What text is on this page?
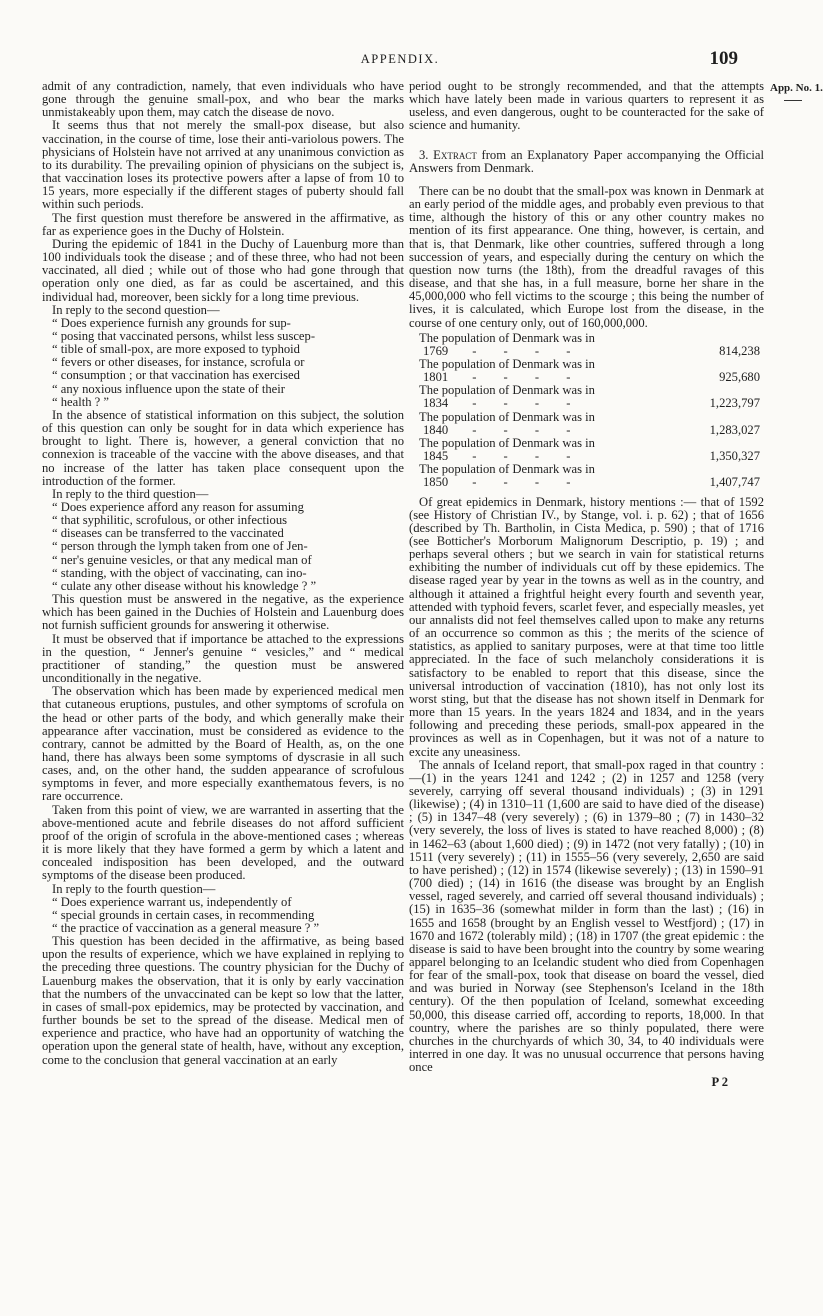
APPENDIX.	109
App. No. 1.

admit of any contradiction, namely, that even individuals who have gone through the genuine small-pox, and who bear the marks unmistakeably upon them, may catch the disease de novo.

It seems thus that not merely the small-pox disease, but also vaccination, in the course of time, lose their anti-variolous powers. The physicians of Holstein have not arrived at any unanimous conviction as to its durability. The prevailing opinion of physicians on the subject is, that vaccination loses its protective powers after a lapse of from 10 to 15 years, more especially if the different stages of puberty should fall within such periods.

The first question must therefore be answered in the affirmative, as far as experience goes in the Duchy of Holstein.

During the epidemic of 1841 in the Duchy of Lauenburg more than 100 individuals took the disease ; and of these three, who had not been vaccinated, all died ; while out of those who had gone through that operation only one died, as far as could be ascertained, and this individual had, moreover, been sickly for a long time previous.

In reply to the second question—

“ Does experience furnish any grounds for sup-
“ posing that vaccinated persons, whilst less suscep-
“ tible of small-pox, are more exposed to typhoid
“ fevers or other diseases, for instance, scrofula or
“ consumption ; or that vaccination has exercised
“ any noxious influence upon the state of their
“ health ? ”

In the absence of statistical information on this subject, the solution of this question can only be sought for in data which experience has brought to light. There is, however, a general conviction that no connexion is traceable of the vaccine with the above diseases, and that no increase of the latter has taken place consequent upon the introduction of the former.

In reply to the third question—

“ Does experience afford any reason for assuming
“ that syphilitic, scrofulous, or other infectious
“ diseases can be transferred to the vaccinated
“ person through the lymph taken from one of Jen-
“ ner's genuine vesicles, or that any medical man of
“ standing, with the object of vaccinating, can ino-
“ culate any other disease without his knowledge ? ”

This question must be answered in the negative, as the experience which has been gained in the Duchies of Holstein and Lauenburg does not furnish sufficient grounds for answering it otherwise.

It must be observed that if importance be attached to the expressions in the question, “ Jenner's genuine “ vesicles,” and “ medical practitioner of standing,” the question must be answered unconditionally in the negative.

The observation which has been made by experienced medical men that cutaneous eruptions, pustules, and other symptoms of scrofula on the head or other parts of the body, and which generally make their appearance after vaccination, must be considered as evidence to the contrary, cannot be admitted by the Board of Health, as, on the one hand, there has always been some symptoms of dyscrasie in all such cases, and, on the other hand, the sudden appearance of scrofulous symptoms in fever, and more especially exanthematous fevers, is no rare occurrence.

Taken from this point of view, we are warranted in asserting that the above-mentioned acute and febrile diseases do not afford sufficient proof of the origin of scrofula in the above-mentioned cases ; whereas it is more likely that they have formed a germ by which a latent and concealed indisposition has been developed, and the outward symptoms of the disease been produced.

In reply to the fourth question—

“ Does experience warrant us, independently of
“ special grounds in certain cases, in recommending
“ the practice of vaccination as a general measure ? ”

This question has been decided in the affirmative, as being based upon the results of experience, which we have explained in replying to the preceding three questions. The country physician for the Duchy of Lauenburg makes the observation, that it is only by early vaccination that the numbers of the unvaccinated can be kept so low that the latter, in cases of small-pox epidemics, may be protected by vaccination, and further bounds be set to the spread of the disease. Medical men of experience and practice, who have had an opportunity of watching the operation upon the general state of health, have, without any exception, come to the conclusion that general vaccination at an early

period ought to be strongly recommended, and that the attempts which have lately been made in various quarters to represent it as useless, and even dangerous, ought to be counteracted for the sake of science and humanity.

3. Extract from an Explanatory Paper accompanying the Official Answers from Denmark.

There can be no doubt that the small-pox was known in Denmark at an early period of the middle ages, and probably even previous to that time, although the history of this or any other country makes no mention of its first appearance. One thing, however, is certain, and that is, that Denmark, like other countries, suffered through a long succession of years, and especially during the century on which the question now turns (the 18th), from the dreadful ravages of this disease, and that she has, in a full measure, borne her share in the 45,000,000 who fell victims to the scourge ; this being the number of lives, it is calculated, which Europe lost from the disease, in the course of one century only, out of 160,000,000.

The population of Denmark was in	
1769 - - - -	814,238
The population of Denmark was in	
1801 - - - -	925,680
The population of Denmark was in	
1834 - - - -	1,223,797
The population of Denmark was in	
1840 - - - -	1,283,027
The population of Denmark was in	
1845 - - - -	1,350,327
The population of Denmark was in	
1850 - - - -	1,407,747

Of great epidemics in Denmark, history mentions :— that of 1592 (see History of Christian IV., by Stange, vol. i. p. 62) ; that of 1656 (described by Th. Bartholin, in Cista Medica, p. 590) ; that of 1716 (see Botticher's Morborum Malignorum Descriptio, p. 19) ; and perhaps several others ; but we search in vain for statistical returns exhibiting the number of individuals cut off by these epidemics. The disease raged year by year in the towns as well as in the country, and although it attained a frightful height every fourth and seventh year, attended with typhoid fevers, scarlet fever, and especially measles, yet our annalists did not feel themselves called upon to make any returns of an occurrence so common as this ; the merits of the science of statistics, as applied to sanitary purposes, were at that time too little appreciated. In the face of such melancholy considerations it is satisfactory to be enabled to report that this disease, since the universal introduction of vaccination (1810), has not only lost its worst sting, but that the disease has not shown itself in Denmark for more than 15 years. In the years 1824 and 1834, and in the years following and preceding these periods, small-pox appeared in the provinces as well as in Copenhagen, but it was not of a nature to excite any uneasiness.

The annals of Iceland report, that small-pox raged in that country :—(1) in the years 1241 and 1242 ; (2) in 1257 and 1258 (very severely, carrying off several thousand individuals) ; (3) in 1291 (likewise) ; (4) in 1310–11 (1,600 are said to have died of the disease) ; (5) in 1347–48 (very severely) ; (6) in 1379–80 ; (7) in 1430–32 (very severely, the loss of lives is stated to have reached 8,000) ; (8) in 1462–63 (about 1,600 died) ; (9) in 1472 (not very fatally) ; (10) in 1511 (very severely) ; (11) in 1555–56 (very severely, 2,650 are said to have perished) ; (12) in 1574 (likewise severely) ; (13) in 1590–91 (700 died) ; (14) in 1616 (the disease was brought by an English vessel, raged severely, and carried off several thousand individuals) ; (15) in 1635–36 (somewhat milder in form than the last) ; (16) in 1655 and 1658 (brought by an English vessel to Westfjord) ; (17) in 1670 and 1672 (tolerably mild) ; (18) in 1707 (the great epidemic : the disease is said to have been brought into the country by some wearing apparel belonging to an Icelandic student who died from Copenhagen for fear of the small-pox, took that disease on board the vessel, died and was buried in Norway (see Stephenson's Iceland in the 18th century). Of the then population of Iceland, somewhat exceeding 50,000, this disease carried off, according to reports, 18,000. In that country, where the parishes are so thinly populated, there were churches in the churchyards of which 30, 34, to 40 individuals were interred in one day. It was no unusual occurrence that persons having once

P 2
